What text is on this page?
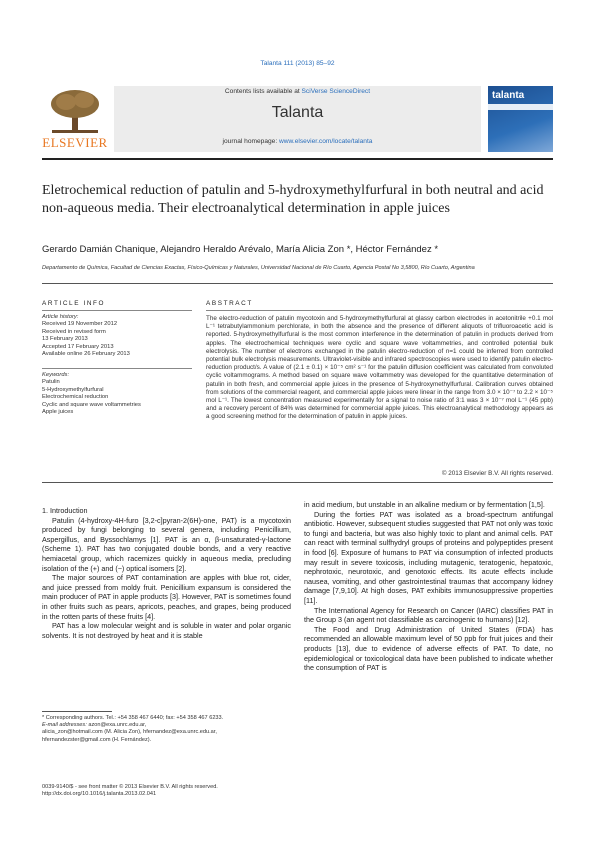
Talanta 111 (2013) 85–92
ELSEVIER
Contents lists available at SciVerse ScienceDirect
Talanta
journal homepage: www.elsevier.com/locate/talanta
talanta
Eletrochemical reduction of patulin and 5-hydroxymethylfurfural in both neutral and acid non-aqueous media. Their electroanalytical determination in apple juices
Gerardo Damián Chanique, Alejandro Heraldo Arévalo, María Alicia Zon *, Héctor Fernández *
Departamento de Química, Facultad de Ciencias Exactas, Físico-Químicas y Naturales, Universidad Nacional de Río Cuarto, Agencia Postal No 3,5800, Río Cuarto, Argentina
ARTICLE INFO	ABSTRACT
Article history:
Received 19 November 2012
Received in revised form
13 February 2013
Accepted 17 February 2013
Available online 26 February 2013
Keywords:
Patulin
5-Hydroxymethylfurfural
Electrochemical reduction
Cyclic and square wave voltammetries
Apple juices
The electro-reduction of patulin mycotoxin and 5-hydroxymethylfurfural at glassy carbon electrodes in acetonitrile +0.1 mol L⁻¹ tetrabutylammonium perchlorate, in both the absence and the presence of different aliquots of trifluoroacetic acid is reported. 5-hydroxymethylfurfural is the most common interference in the determination of patulin in products derived from apples. The electrochemical techniques were cyclic and square wave voltammetries, and controlled potential bulk electrolysis. The number of electrons exchanged in the patulin electro-reduction of n=1 could be inferred from controlled potential bulk electrolysis measurements. Ultraviolet-visible and infrared spectroscopies were used to identify patulin electro-reduction product/s. A value of (2.1 ± 0.1) × 10⁻⁵ cm² s⁻¹ for the patulin diffusion coefficient was calculated from convoluted cyclic voltammograms. A method based on square wave voltammetry was developed for the quantitative determination of patulin in both fresh, and commercial apple juices in the presence of 5-hydroxymethylfurfural. Calibration curves obtained from solutions of the commercial reagent, and commercial apple juices were linear in the range from 3.0 × 10⁻⁷ to 2.2 × 10⁻⁵ mol L⁻¹. The lowest concentration measured experimentally for a signal to noise ratio of 3:1 was 3 × 10⁻⁷ mol L⁻¹ (45 ppb) and a recovery percent of 84% was determined for commercial apple juices. This electroanalytical methodology appears as a good screening method for the determination of patulin in apple juices.
© 2013 Elsevier B.V. All rights reserved.

1. Introduction

Patulin (4-hydroxy-4H-furo [3,2-c]pyran-2(6H)-one, PAT) is a mycotoxin produced by fungi belonging to several genera, including Penicillium, Aspergillus, and Byssochlamys [1]. PAT is an α, β-unsaturated-γ-lactone (Scheme 1). PAT has two conjugated double bonds, and a very reactive hemiacetal group, which racemizes quickly in aqueous media, precluding isolation of the (+) and (−) optical isomers [2].

The major sources of PAT contamination are apples with blue rot, cider, and juice pressed from moldy fruit. Penicillium expansum is considered the main producer of PAT in apple products [3]. However, PAT is sometimes found in other fruits such as pears, apricots, peaches, and grapes, being produced in the rotten parts of these fruits [4].

PAT has a low molecular weight and is soluble in water and polar organic solvents. It is not destroyed by heat and it is stable

in acid medium, but unstable in an alkaline medium or by fermentation [1,5].

During the forties PAT was isolated as a broad-spectrum antifungal antibiotic. However, subsequent studies suggested that PAT not only was toxic to fungi and bacteria, but was also highly toxic to plant and animal cells. PAT can react with terminal sulfhydryl groups of proteins and polypeptides present in food [6]. Exposure of humans to PAT via consumption of infected products may result in severe toxicosis, including mutagenic, teratogenic, hepatoxic, nephrotoxic, neurotoxic, and genotoxic effects. Its acute effects include nausea, vomiting, and other gastrointestinal traumas that accompany kidney damage [7,9,10]. At high doses, PAT exhibits immunosuppressive properties [11].

The International Agency for Research on Cancer (IARC) classifies PAT in the Group 3 (an agent not classifiable as carcinogenic to humans) [12].

The Food and Drug Administration of United States (FDA) has recommended an allowable maximum level of 50 ppb for fruit juices and their products [13], due to evidence of adverse effects of PAT. To date, no epidemiological or toxicological data have been published to indicate whether the consumption of PAT is

* Corresponding authors. Tel.: +54 358 467 6440; fax: +54 358 467 6233.
E-mail addresses: azon@exa.unrc.edu.ar,
alicia_zon@hotmail.com (M. Alicia Zon), hfernandez@exa.unrc.edu.ar,
hfernandezster@gmail.com (H. Fernández).
0039-9140/$ - see front matter © 2013 Elsevier B.V. All rights reserved.
http://dx.doi.org/10.1016/j.talanta.2013.02.041
